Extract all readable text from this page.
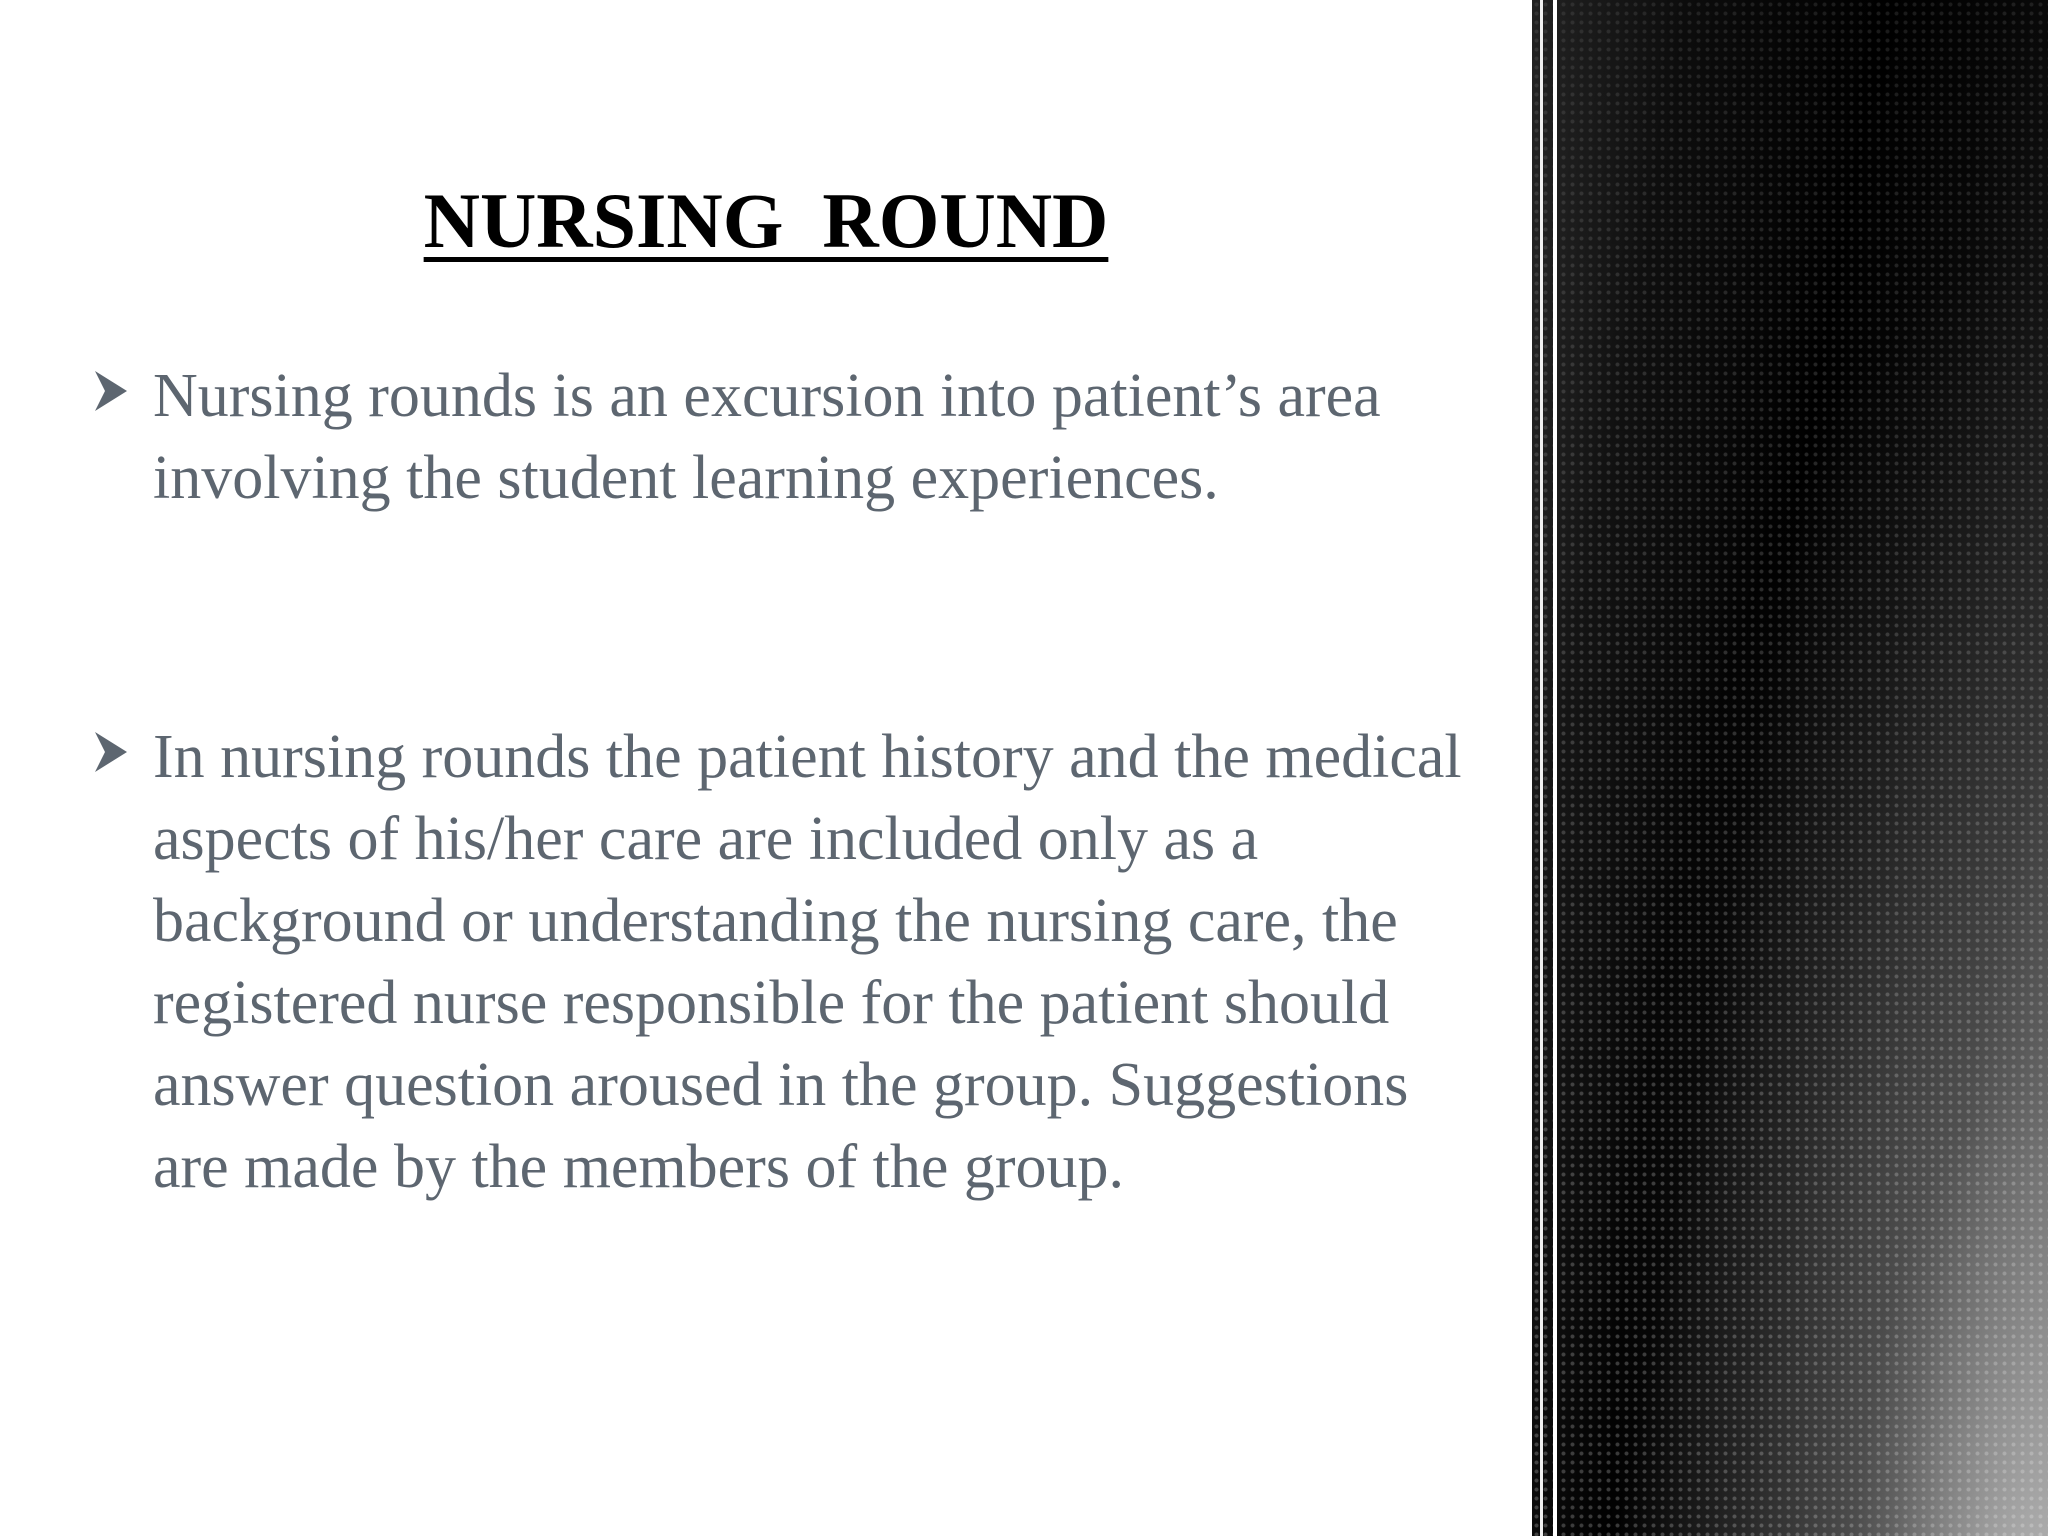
NURSING  ROUND
Nursing rounds is an excursion into patient’s area involving the student learning experiences.
In nursing rounds the patient history and the medical aspects of his/her care are included only as a background or understanding the nursing care, the registered nurse responsible for the patient should answer question aroused in the group. Suggestions are made by the members of the group.
